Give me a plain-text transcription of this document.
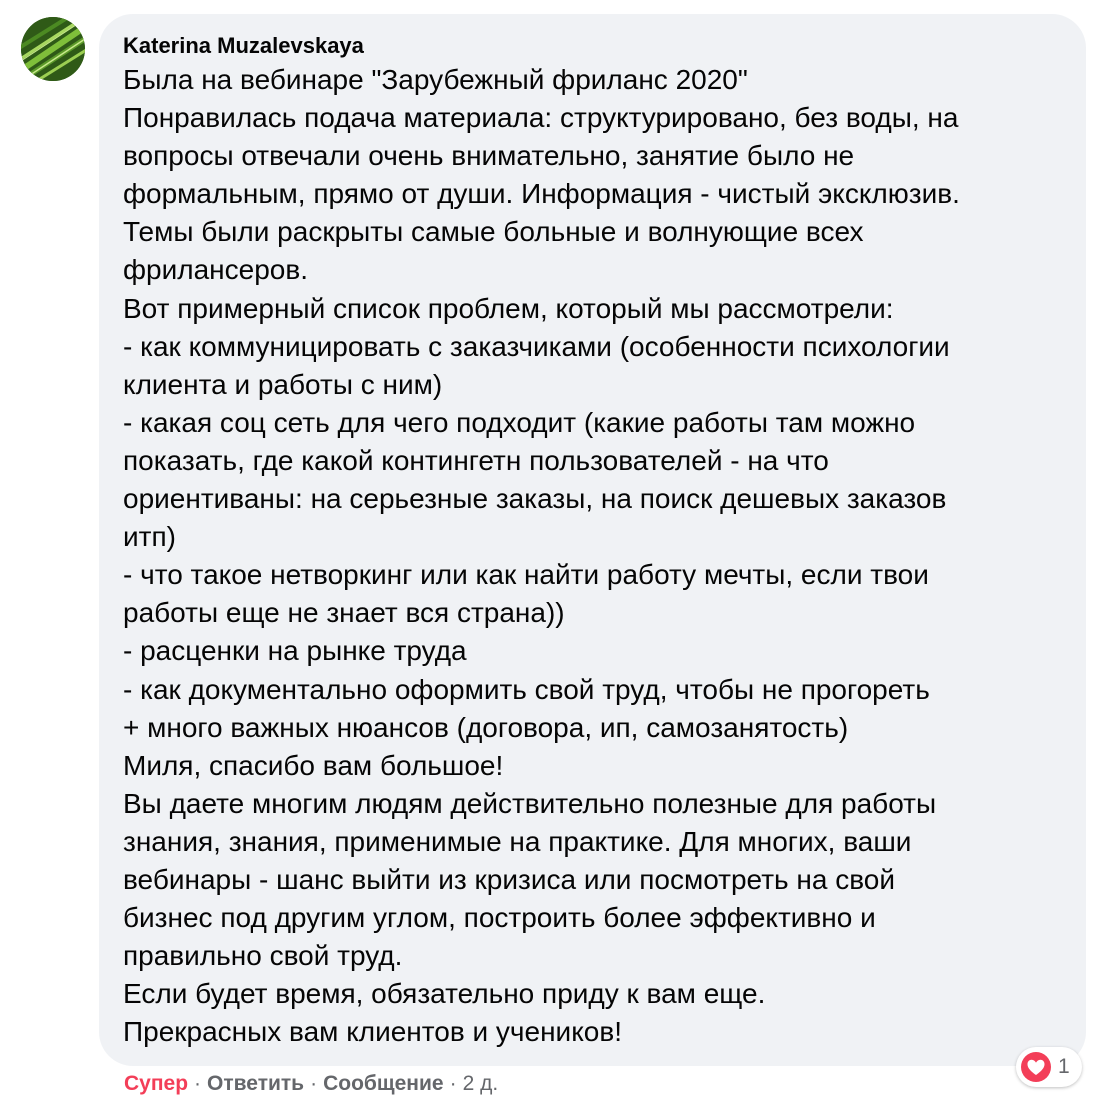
Katerina Muzalevskaya
Была на вебинаре "Зарубежный фриланс 2020"
Понравилась подача материала: структурировано, без воды, на
вопросы отвечали очень внимательно, занятие было не
формальным, прямо от души. Информация - чистый эксклюзив.
Темы были раскрыты самые больные и волнующие всех
фрилансеров.
Вот примерный список проблем, который мы рассмотрели:
- как коммуницировать с заказчиками (особенности психологии
клиента и работы с ним)
- какая соц сеть для чего подходит (какие работы там можно
показать, где какой контингетн пользователей - на что
ориентиваны: на серьезные заказы, на поиск дешевых заказов
итп)
- что такое нетворкинг или как найти работу мечты, если твои
работы еще не знает вся страна))
- расценки на рынке труда
- как документально оформить свой труд, чтобы не прогореть
+ много важных нюансов (договора, ип, самозанятость)
Миля, спасибо вам большое!
Вы даете многим людям действительно полезные для работы
знания, знания, применимые на практике. Для многих, ваши
вебинары - шанс выйти из кризиса или посмотреть на свой
бизнес под другим углом, построить более эффективно и
правильно свой труд.
Если будет время, обязательно приду к вам еще.
Прекрасных вам клиентов и учеников!
1
Супер · Ответить · Сообщение · 2 д.
